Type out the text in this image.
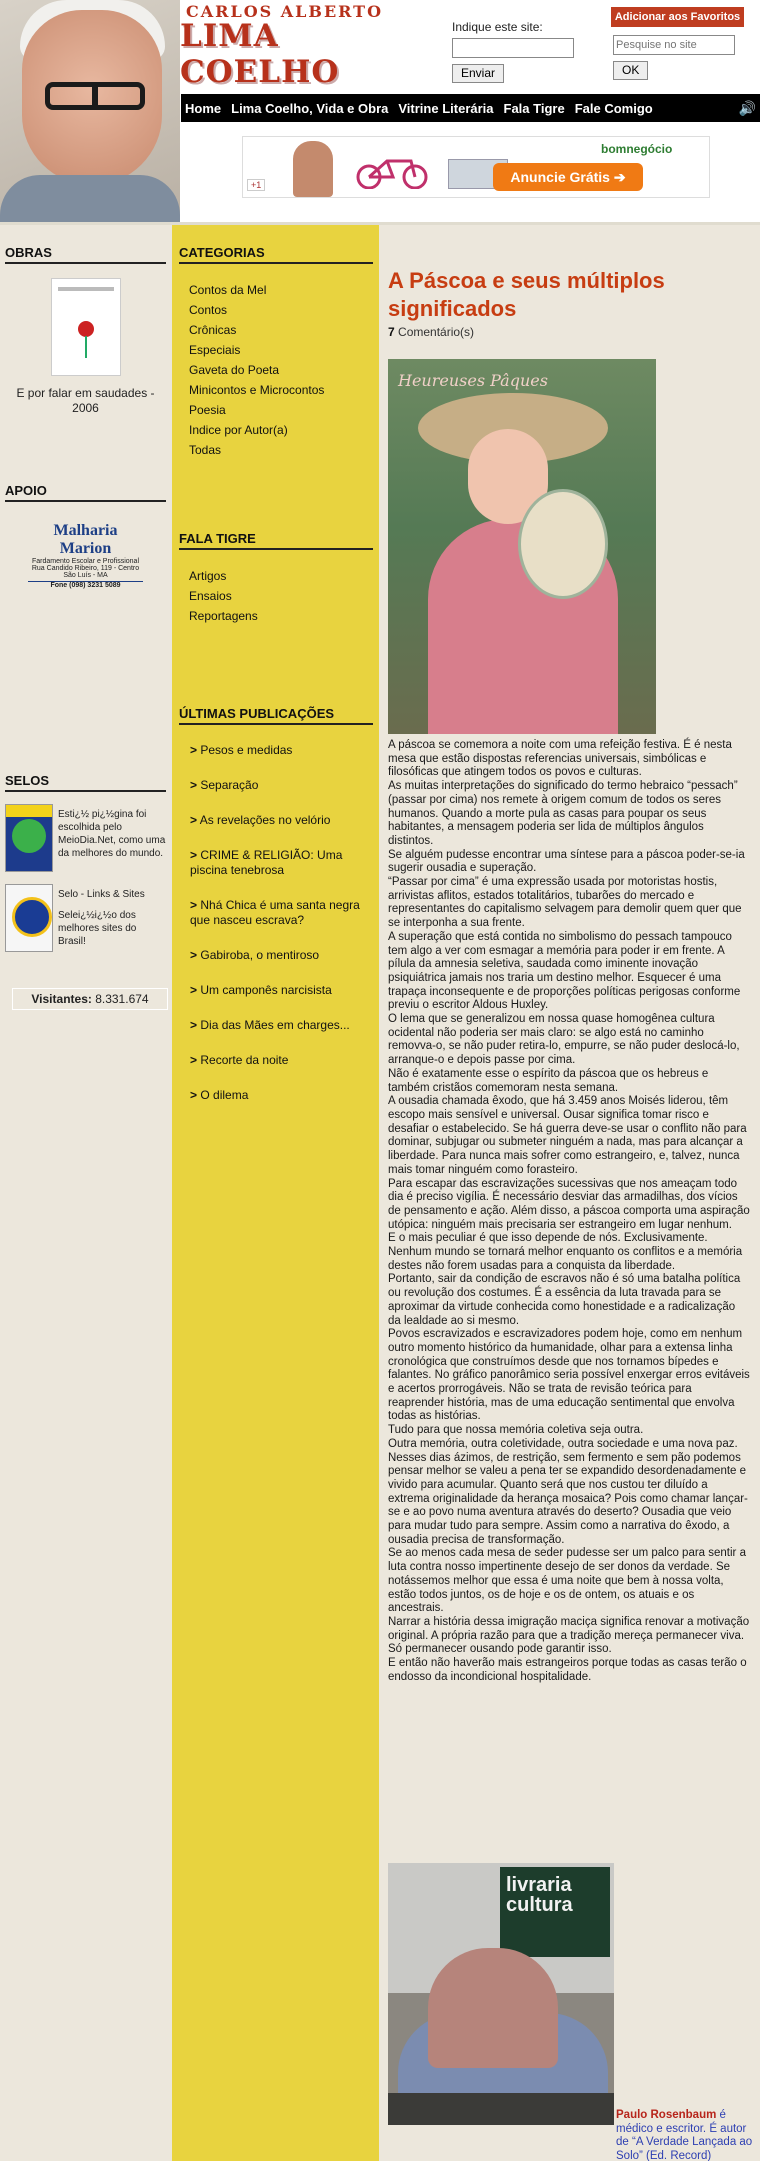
CARLOS ALBERTO
LIMA COELHO
Indique este site:

Enviar
Adicionar aos Favoritos
Pesquise no site
OK
Home Lima Coelho, Vida e Obra Vitrine Literária Fala Tigre Fale Comigo	🔊
bomnegócio
Anuncie Grátis ➔
+1
OBRAS
E por falar em saudades - 2006
APOIO
Malharia Marion
Fardamento Escolar e Profissional
Rua Candido Ribeiro, 119 - Centro
São Luís - MA
Fone (098) 3231 5089
SELOS
Esti¿½ pi¿½gina foi escolhida pelo MeioDia.Net, como uma da melhores do mundo.
Selo - Links & Sites
Selei¿½i¿½o dos melhores sites do Brasil!
Visitantes: 8.331.674
CATEGORIAS
Contos da Mel
Contos
Crônicas
Especiais
Gaveta do Poeta
Minicontos e Microcontos
Poesia
Indice por Autor(a)
Todas
FALA TIGRE
Artigos
Ensaios
Reportagens
ÚLTIMAS PUBLICAÇÕES
> Pesos e medidas
> Separação
> As revelações no velório
> CRIME & RELIGIÃO: Uma piscina tenebrosa
> Nhá Chica é uma santa negra que nasceu escrava?
> Gabiroba, o mentiroso
> Um camponês narcisista
> Dia das Mães em charges...
> Recorte da noite
> O dilema
A Páscoa e seus múltiplos significados
7 Comentário(s)
Heureuses Pâques
A páscoa se comemora a noite com uma refeição festiva. É é nesta mesa que estão dispostas referencias universais, simbólicas e filosóficas que atingem todos os povos e culturas.
As muitas interpretações do significado do termo hebraico “pessach” (passar por cima) nos remete à origem comum de todos os seres humanos. Quando a morte pula as casas para poupar os seus habitantes, a mensagem poderia ser lida de múltiplos ângulos distintos.
Se alguém pudesse encontrar uma síntese para a páscoa poder-se-ia sugerir ousadia e superação.
“Passar por cima” é uma expressão usada por motoristas hostis, arrivistas aflitos, estados totalitários, tubarões do mercado e representantes do capitalismo selvagem para demolir quem quer que se interponha a sua frente.
A superação que está contida no simbolismo do pessach tampouco tem algo a ver com esmagar a memória para poder ir em frente. A pílula da amnesia seletiva, saudada como iminente inovação psiquiátrica jamais nos traria um destino melhor. Esquecer é uma trapaça inconsequente e de proporções políticas perigosas conforme previu o escritor Aldous Huxley.
O lema que se generalizou em nossa quase homogênea cultura ocidental não poderia ser mais claro: se algo está no caminho removva-o, se não puder retira-lo, empurre, se não puder deslocá-lo, arranque-o e depois passe por cima.
Não é exatamente esse o espírito da páscoa que os hebreus e também cristãos comemoram nesta semana.
A ousadia chamada êxodo, que há 3.459 anos Moisés liderou, têm escopo mais sensível e universal. Ousar significa tomar risco e desafiar o estabelecido. Se há guerra deve-se usar o conflito não para dominar, subjugar ou submeter ninguém a nada, mas para alcançar a liberdade. Para nunca mais sofrer como estrangeiro, e, talvez, nunca mais tomar ninguém como forasteiro.
Para escapar das escravizações sucessivas que nos ameaçam todo dia é preciso vigília. É necessário desviar das armadilhas, dos vícios de pensamento e ação. Além disso, a páscoa comporta uma aspiração utópica: ninguém mais precisaria ser estrangeiro em lugar nenhum.
E o mais peculiar é que isso depende de nós. Exclusivamente. Nenhum mundo se tornará melhor enquanto os conflitos e a memória destes não forem usadas para a conquista da liberdade.
Portanto, sair da condição de escravos não é só uma batalha política ou revolução dos costumes. É a essência da luta travada para se aproximar da virtude conhecida como honestidade e a radicalização da lealdade ao si mesmo.
Povos escravizados e escravizadores podem hoje, como em nenhum outro momento histórico da humanidade, olhar para a extensa linha cronológica que construímos desde que nos tornamos bípedes e falantes. No gráfico panorâmico seria possível enxergar erros evitáveis e acertos prorrogáveis. Não se trata de revisão teórica para reaprender história, mas de uma educação sentimental que envolva todas as histórias.
Tudo para que nossa memória coletiva seja outra.
Outra memória, outra coletividade, outra sociedade e uma nova paz.
Nesses dias ázimos, de restrição, sem fermento e sem pão podemos pensar melhor se valeu a pena ter se expandido desordenadamente e vivido para acumular. Quanto será que nos custou ter diluído a extrema originalidade da herança mosaica? Pois como chamar lançar-se e ao povo numa aventura através do deserto? Ousadia que veio para mudar tudo para sempre. Assim como a narrativa do êxodo, a ousadia precisa de transformação.
Se ao menos cada mesa de seder pudesse ser um palco para sentir a luta contra nosso impertinente desejo de ser donos da verdade. Se notássemos melhor que essa é uma noite que bem à nossa volta, estão todos juntos, os de hoje e os de ontem, os atuais e os ancestrais.
Narrar a história dessa imigração maciça significa renovar a motivação original. A própria razão para que a tradição mereça permanecer viva.
Só permanecer ousando pode garantir isso.
E então não haverão mais estrangeiros porque todas as casas terão o endosso da incondicional hospitalidade.
livraria cultura
Paulo Rosenbaum é médico e escritor. É autor de “A Verdade Lançada ao Solo” (Ed. Record)
